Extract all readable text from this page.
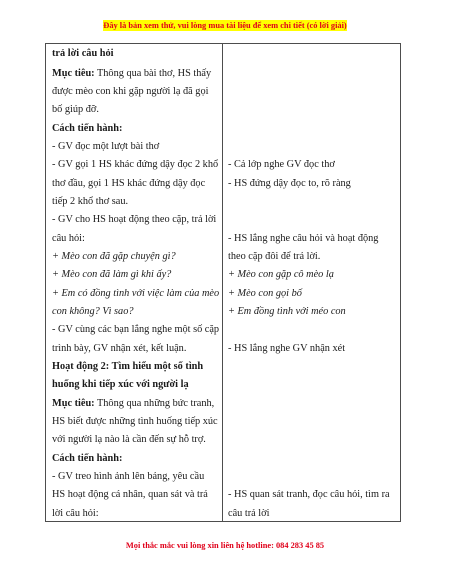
Đây là bản xem thử, vui lòng mua tài liệu để xem chi tiết (có lời giải)
trả lời câu hỏi
Mục tiêu: Thông qua bài thơ, HS thấy
được mèo con khi gặp người lạ đã gọi
bố giúp đỡ.
Cách tiến hành:
- GV đọc một lượt bài thơ
- GV gọi 1 HS khác đứng dậy đọc 2 khổ
thơ đầu, gọi 1 HS khác đứng dậy đọc
tiếp 2 khổ thơ sau.
- GV cho HS hoạt động theo cặp, trả lời
câu hỏi:
+ Mèo con đã gặp chuyện gì?
+ Mèo con đã làm gì khi ấy?
+ Em có đồng tình với việc làm của mèo
con không? Vì sao?
- GV cùng các bạn lắng nghe một số cặp
trình bày, GV nhận xét, kết luận.
Hoạt động 2: Tìm hiểu một số tình
huống khi tiếp xúc với người lạ
Mục tiêu: Thông qua những bức tranh,
HS biết được những tình huống tiếp xúc
với người lạ nào là cần đến sự hỗ trợ.
Cách tiến hành:
- GV treo hình ảnh lên bảng, yêu cầu
HS hoạt động cá nhân, quan sát và trả
lời câu hỏi:
- Cả lớp nghe GV đọc thơ
- HS đứng dậy đọc to, rõ ràng
- HS lắng nghe câu hỏi và hoạt động
theo cặp đôi để trả lời.
+ Mèo con gặp cô mèo lạ
+ Mèo con gọi bố
+ Em đồng tình với méo con
- HS lắng nghe GV nhận xét
- HS quan sát tranh, đọc câu hỏi, tìm ra
câu trả lời
Mọi thắc mắc vui lòng xin liên hệ hotline: 084 283 45 85
